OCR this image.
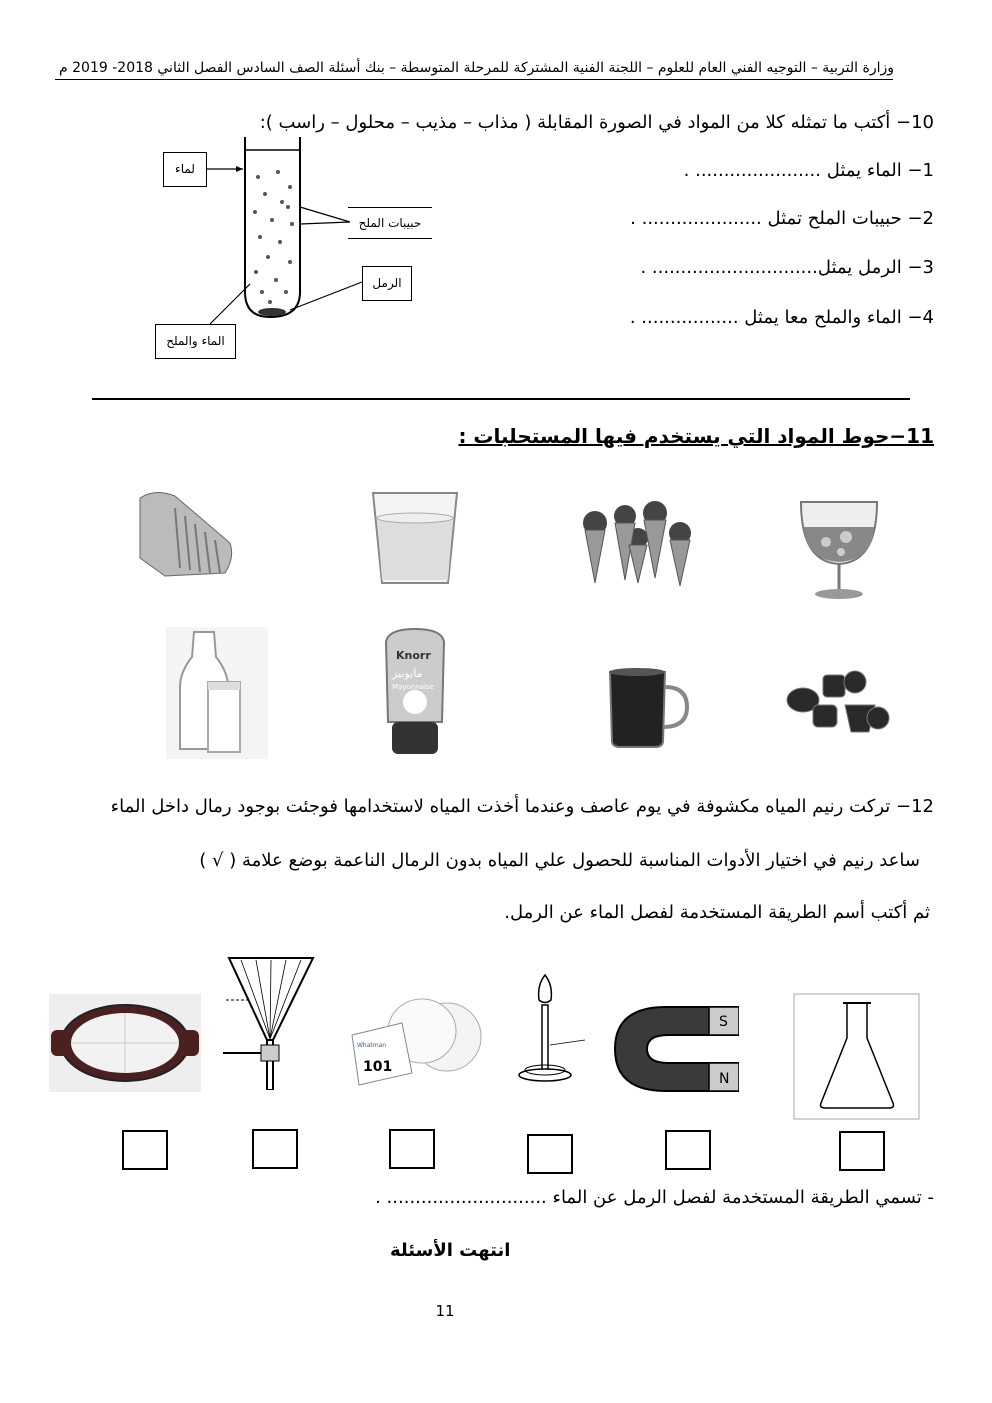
وزارة التربية – التوجيه الفني العام للعلوم – اللجنة الفنية المشتركة للمرحلة المتوسطة – بنك أسئلة الصف السادس الفصل الثاني 2018- 2019 م
10− أكتب ما تمثله كلا من المواد في الصورة المقابلة ( مذاب – مذيب – محلول – راسب ):
1− الماء يمثل ...................... .
2− حبيبات الملح تمثل ..................... .
3− الرمل يمثل............................. .
4− الماء والملح معا يمثل ................. .
لماء
حبيبات الملح
الرمل
الماء والملح
11−حوط المواد التي يستخدم فيها المستحلبات :
Knorr
مايونيز
Mayonnaise
12− تركت رنيم المياه مكشوفة في يوم عاصف وعندما أخذت المياه لاستخدامها فوجئت بوجود رمال داخل الماء
ساعد رنيم في اختيار الأدوات المناسبة للحصول علي المياه بدون الرمال الناعمة بوضع علامة ( √ )
ثم أكتب أسم الطريقة المستخدمة لفصل الماء عن الرمل.
Whatman
101
S
N
- تسمي الطريقة المستخدمة لفصل الرمل عن الماء ............................ .
انتهت الأسئلة
11
